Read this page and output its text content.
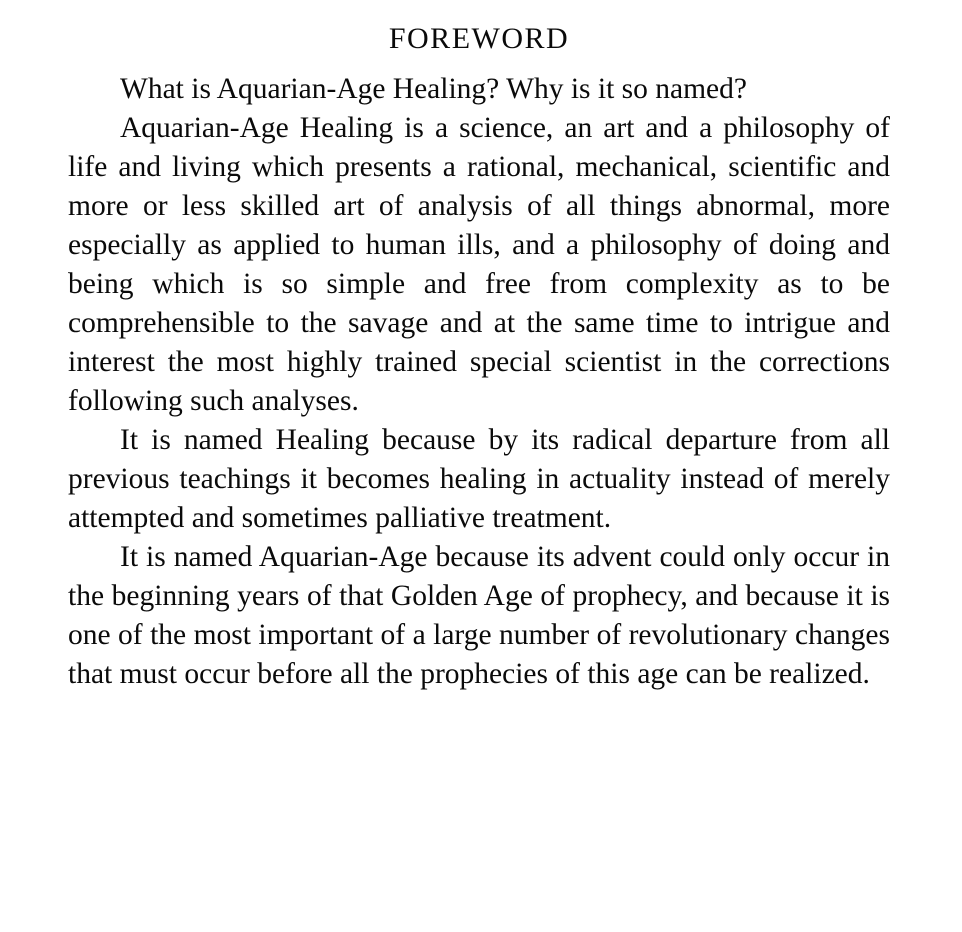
FOREWORD

What is Aquarian-Age Healing? Why is it so named?

Aquarian-Age Healing is a science, an art and a philosophy of life and living which presents a rational, mechanical, scientific and more or less skilled art of analysis of all things abnormal, more especially as applied to human ills, and a philosophy of doing and being which is so simple and free from complexity as to be comprehensible to the savage and at the same time to intrigue and interest the most highly trained special scientist in the corrections following such analyses.

It is named Healing because by its radical departure from all previous teachings it becomes healing in actuality instead of merely attempted and sometimes palliative treatment.

It is named Aquarian-Age because its advent could only occur in the beginning years of that Golden Age of prophecy, and because it is one of the most important of a large number of revolutionary changes that must occur before all the prophecies of this age can be realized.
